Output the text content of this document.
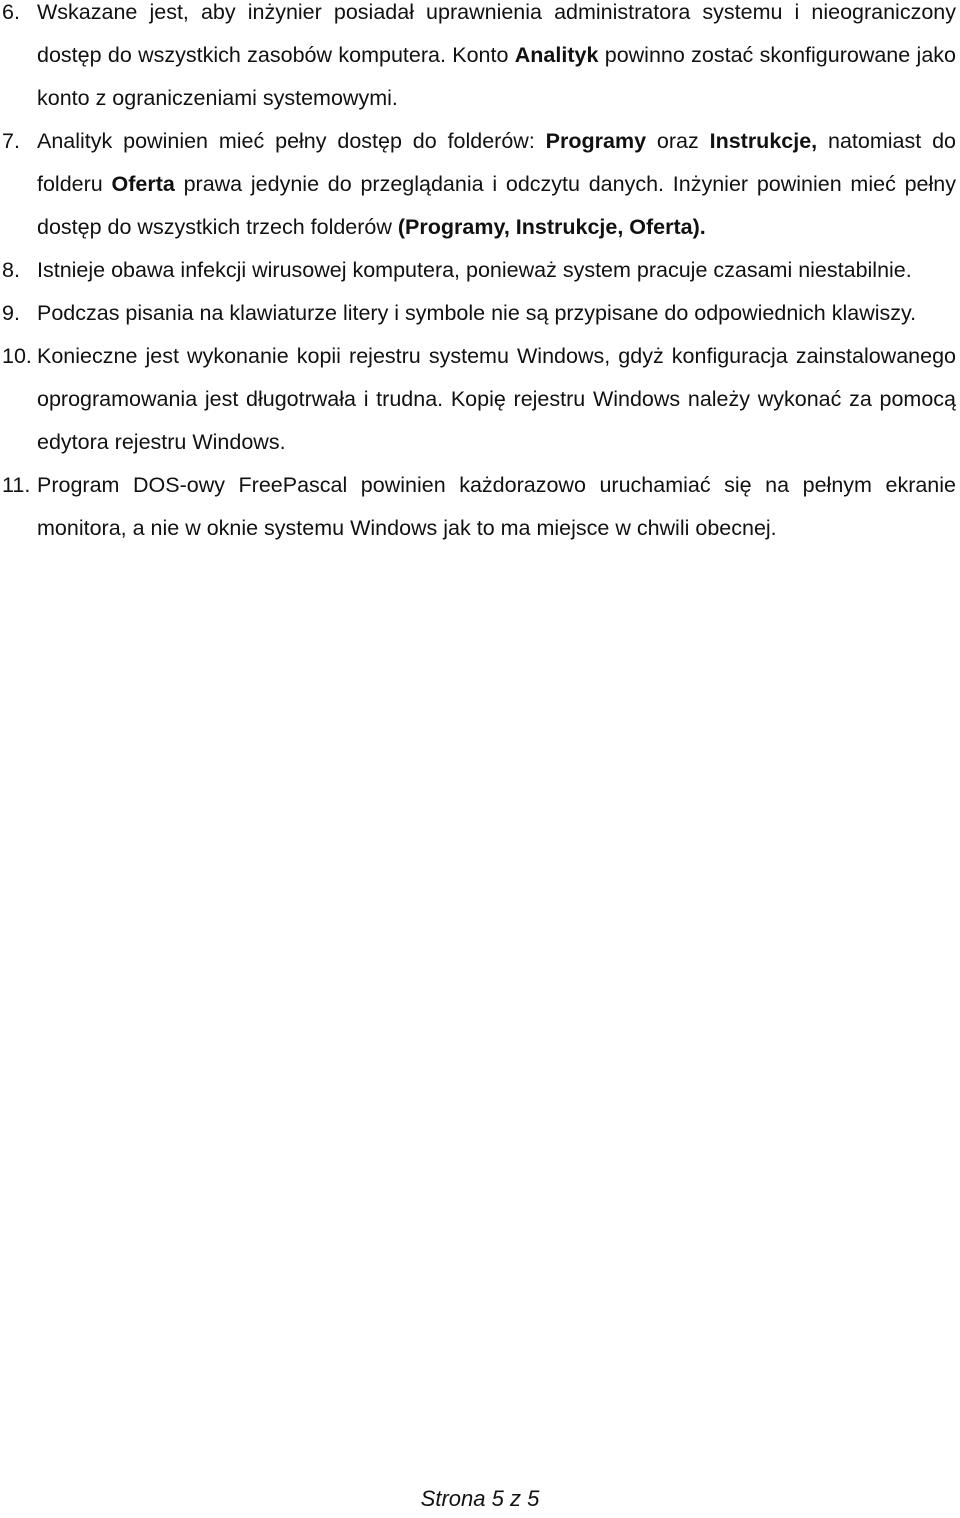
6. Wskazane jest, aby inżynier posiadał uprawnienia administratora systemu i nieograniczony dostęp do wszystkich zasobów komputera. Konto Analityk powinno zostać skonfigurowane jako konto z ograniczeniami systemowymi.
7. Analityk powinien mieć pełny dostęp do folderów: Programy oraz Instrukcje, natomiast do folderu Oferta prawa jedynie do przeglądania i odczytu danych. Inżynier powinien mieć pełny dostęp do wszystkich trzech folderów (Programy, Instrukcje, Oferta).
8. Istnieje obawa infekcji wirusowej komputera, ponieważ system pracuje czasami niestabilnie.
9. Podczas pisania na klawiaturze litery i symbole nie są przypisane do odpowiednich klawiszy.
10. Konieczne jest wykonanie kopii rejestru systemu Windows, gdyż konfiguracja zainstalowanego oprogramowania jest długotrwała i trudna. Kopię rejestru Windows należy wykonać za pomocą edytora rejestru Windows.
11. Program DOS-owy FreePascal powinien każdorazowo uruchamiać się na pełnym ekranie monitora, a nie w oknie systemu Windows jak to ma miejsce w chwili obecnej.
Strona 5 z 5
